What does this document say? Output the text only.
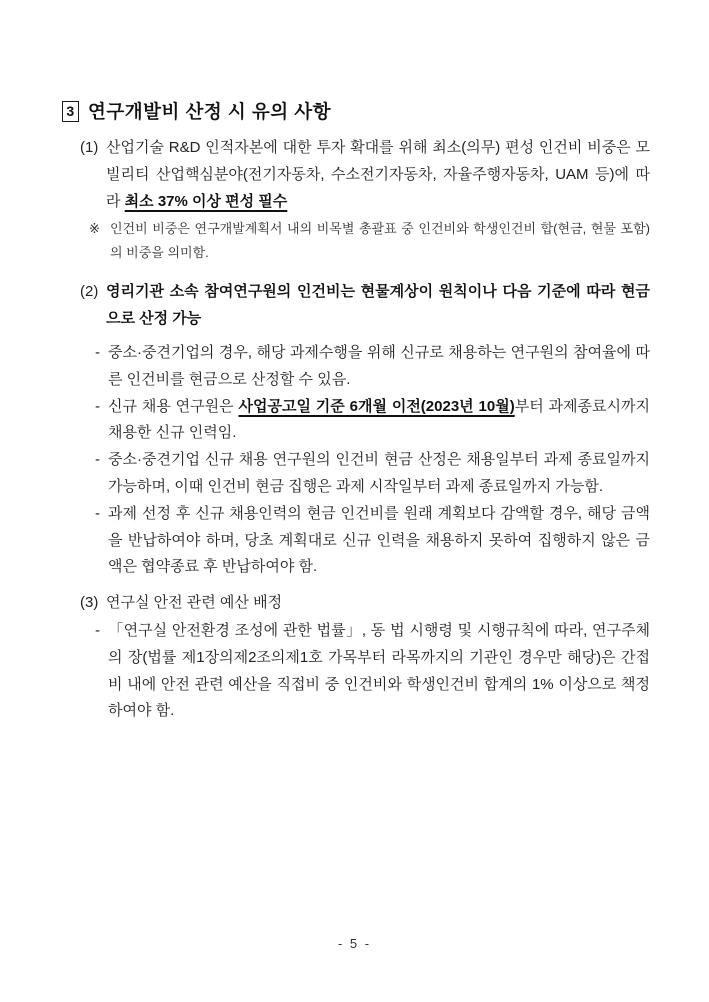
3 연구개발비 산정 시 유의 사항
(1) 산업기술 R&D 인적자본에 대한 투자 확대를 위해 최소(의무) 편성 인건비 비중은 모빌리티 산업핵심분야(전기자동차, 수소전기자동차, 자율주행자동차, UAM 등)에 따라 최소 37% 이상 편성 필수
※ 인건비 비중은 연구개발계획서 내의 비목별 총괄표 중 인건비와 학생인건비 합(현금, 현물 포함)의 비중을 의미함.
(2) 영리기관 소속 참여연구원의 인건비는 현물계상이 원칙이나 다음 기준에 따라 현금으로 산정 가능
- 중소·중견기업의 경우, 해당 과제수행을 위해 신규로 채용하는 연구원의 참여율에 따른 인건비를 현금으로 산정할 수 있음.
- 신규 채용 연구원은 사업공고일 기준 6개월 이전(2023년 10월)부터 과제종료시까지 채용한 신규 인력임.
- 중소·중견기업 신규 채용 연구원의 인건비 현금 산정은 채용일부터 과제 종료일까지 가능하며, 이때 인건비 현금 집행은 과제 시작일부터 과제 종료일까지 가능함.
- 과제 선정 후 신규 채용인력의 현금 인건비를 원래 계획보다 감액할 경우, 해당 금액을 반납하여야 하며, 당초 계획대로 신규 인력을 채용하지 못하여 집행하지 않은 금액은 협약종료 후 반납하여야 함.
(3) 연구실 안전 관련 예산 배정
- 「연구실 안전환경 조성에 관한 법률」, 동 법 시행령 및 시행규칙에 따라, 연구주체의 장(법률 제1장의제2조의제1호 가목부터 라목까지의 기관인 경우만 해당)은 간접비 내에 안전 관련 예산을 직접비 중 인건비와 학생인건비 합계의 1% 이상으로 책정하여야 함.
- 5 -
